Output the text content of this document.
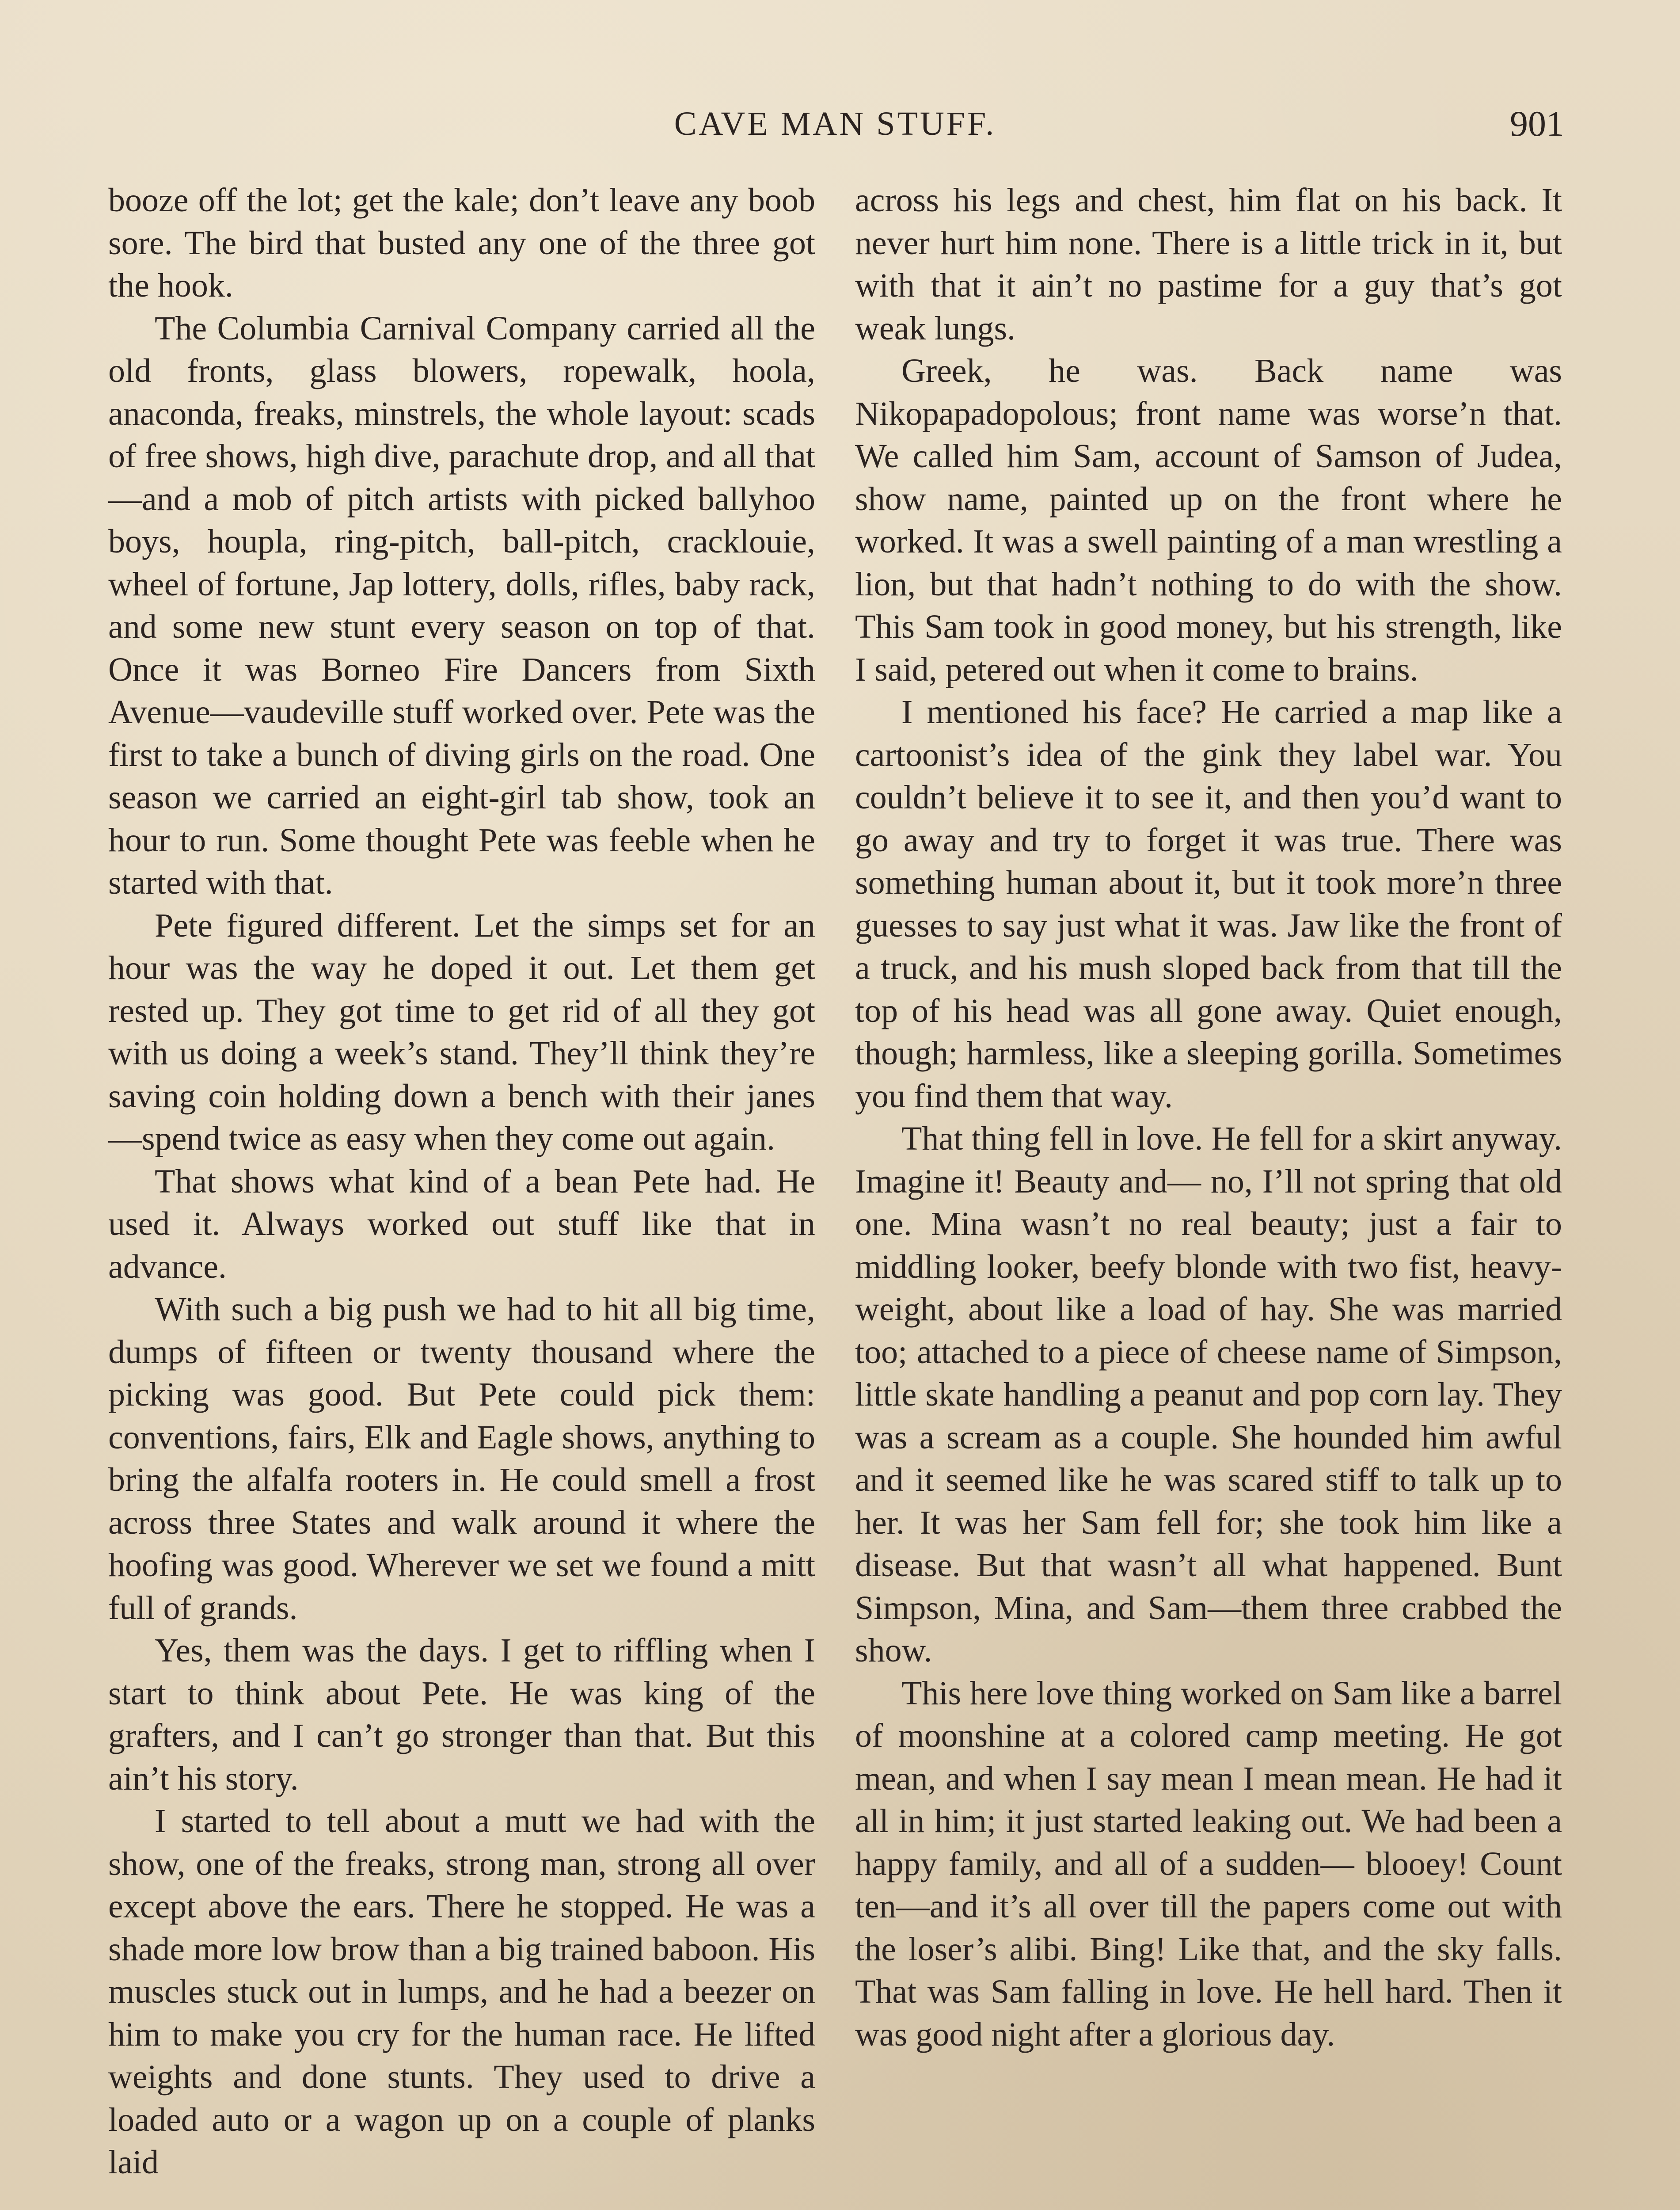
CAVE MAN STUFF.	901

booze off the lot; get the kale; don’t leave any boob sore. The bird that busted any one of the three got the hook.

The Columbia Carnival Company carried all the old fronts, glass blowers, ropewalk, hoola, anaconda, freaks, minstrels, the whole layout: scads of free shows, high dive, parachute drop, and all that—and a mob of pitch artists with picked ballyhoo boys, houpla, ring-pitch, ball-pitch, cracklouie, wheel of fortune, Jap lottery, dolls, rifles, baby rack, and some new stunt every season on top of that. Once it was Borneo Fire Dancers from Sixth Avenue—vaudeville stuff worked over. Pete was the first to take a bunch of diving girls on the road. One season we carried an eight-girl tab show, took an hour to run. Some thought Pete was feeble when he started with that.

Pete figured different. Let the simps set for an hour was the way he doped it out. Let them get rested up. They got time to get rid of all they got with us doing a week’s stand. They’ll think they’re saving coin holding down a bench with their janes —spend twice as easy when they come out again.

That shows what kind of a bean Pete had. He used it. Always worked out stuff like that in advance.

With such a big push we had to hit all big time, dumps of fifteen or twenty thousand where the picking was good. But Pete could pick them: conventions, fairs, Elk and Eagle shows, anything to bring the alfalfa rooters in. He could smell a frost across three States and walk around it where the hoofing was good. Wherever we set we found a mitt full of grands.

Yes, them was the days. I get to riffling when I start to think about Pete. He was king of the grafters, and I can’t go stronger than that. But this ain’t his story.

I started to tell about a mutt we had with the show, one of the freaks, strong man, strong all over except above the ears. There he stopped. He was a shade more low brow than a big trained baboon. His muscles stuck out in lumps, and he had a beezer on him to make you cry for the human race. He lifted weights and done stunts. They used to drive a loaded auto or a wagon up on a couple of planks laid

across his legs and chest, him flat on his back. It never hurt him none. There is a little trick in it, but with that it ain’t no pastime for a guy that’s got weak lungs.

Greek, he was. Back name was Nikopapadopolous; front name was worse’n that. We called him Sam, account of Samson of Judea, show name, painted up on the front where he worked. It was a swell painting of a man wrestling a lion, but that hadn’t nothing to do with the show. This Sam took in good money, but his strength, like I said, petered out when it come to brains.

I mentioned his face? He carried a map like a cartoonist’s idea of the gink they label war. You couldn’t believe it to see it, and then you’d want to go away and try to forget it was true. There was something human about it, but it took more’n three guesses to say just what it was. Jaw like the front of a truck, and his mush sloped back from that till the top of his head was all gone away. Quiet enough, though; harmless, like a sleeping gorilla. Sometimes you find them that way.

That thing fell in love. He fell for a skirt anyway. Imagine it! Beauty and— no, I’ll not spring that old one. Mina wasn’t no real beauty; just a fair to middling looker, beefy blonde with two fist, heavy-weight, about like a load of hay. She was married too; attached to a piece of cheese name of Simpson, little skate handling a peanut and pop corn lay. They was a scream as a couple. She hounded him awful and it seemed like he was scared stiff to talk up to her. It was her Sam fell for; she took him like a disease. But that wasn’t all what happened. Bunt Simpson, Mina, and Sam—them three crabbed the show.

This here love thing worked on Sam like a barrel of moonshine at a colored camp meeting. He got mean, and when I say mean I mean mean. He had it all in him; it just started leaking out. We had been a happy family, and all of a sudden— blooey! Count ten—and it’s all over till the papers come out with the loser’s alibi. Bing! Like that, and the sky falls. That was Sam falling in love. He hell hard. Then it was good night after a glorious day.
